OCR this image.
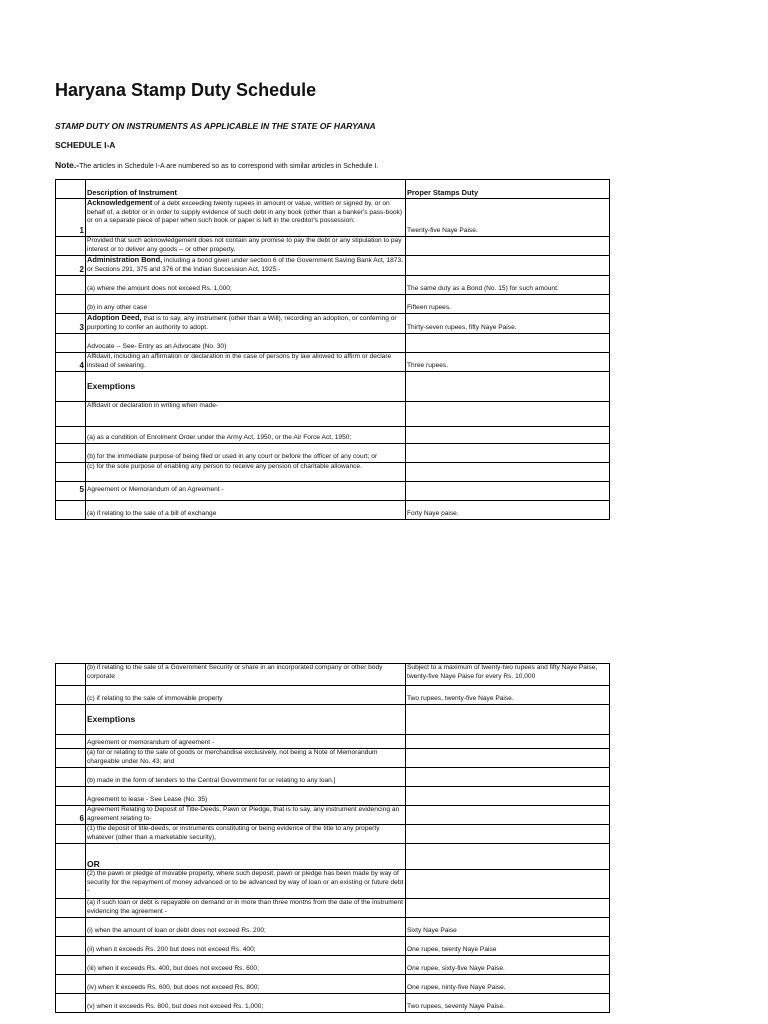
Haryana Stamp Duty Schedule
STAMP DUTY ON INSTRUMENTS AS APPLICABLE IN THE STATE OF HARYANA
SCHEDULE I-A
Note.-The articles in Schedule I-A are numbered so as to correspond with similar articles in Schedule I.
	Description of Instrument	Proper Stamps Duty
1	Acknowledgement of a debt exceeding twenty rupees in amount or value, written or signed by, or on behalf of, a debtor or in order to supply evidence of such debt in any book (other than a banker's pass-book) or on a separate piece of paper when such book or paper is left in the creditor's possession:	Twenty-five Naye Paise.
	Provided that such acknowledgement does not contain any promise to pay the debt or any stipulation to pay interest or to deliver any goods -- or other property.	
2	Administration Bond, including a bond given under section 6 of the Government Saving Bank Act, 1873, or Sections 291, 375 and 376 of the Indian Succession Act, 1925:-	
	(a) where the amount does not exceed Rs. 1,000;	The same duty as a Bond (No. 15) for such amount.
	(b) in any other case	Fifteen rupees.
3	Adoption Deed, that is to say, any instrument (other than a Will), recording an adoption, or conferring or purporting to confer an authority to adopt.	Thirty-seven rupees, fifty Naye Paise.
	Advocate -- See- Entry as an Advocate (No. 30)	
4	Affidavit, including an affirmation or declaration in the case of persons by law allowed to affirm or declare instead of swearing.	Three rupees.
	Exemptions	
	Affidavit or declaration in writing when made-	
	(a) as a condition of Enrolment Order under the Army Act, 1950, or the Air Force Act, 1950;	
	(b) for the immediate purpose of being filed or used in any court or before the officer of any court; or	
	(c) for the sole purpose of enabling any person to receive any pension of charitable allowance.	
5	Agreement or Memorandum of an Agreement -	
	(a) if relating to the sale of a bill of exchange	Forty Naye paise.
	(b) if relating to the sale of a Government Security or share in an incorporated company or other body corporate	Subject to a maximum of twenty-two rupees and fifty Naye Paise, twenty-five Naye Paise for every Rs. 10,000
	(c) if relating to the sale of immovable property	Two rupees, twenty-five Naye Paise.
	Exemptions	
	Agreement or memorandum of agreement -	
	(a) for or relating to the sale of goods or merchandise exclusively, not being a Note of Memorandum chargeable under No. 43; and	
	(b) made in the form of tenders to the Central Government for or relating to any loan.]	
	Agreement to lease - See Lease (No. 35)	
6	Agreement Relating to Deposit of Title-Deeds, Pawn or Pledge, that is to say, any instrument evidencing an agreement relating to-	
	(1) the deposit of title-deeds, or instruments constituting or being evidence of the title to any property whatever (other than a marketable security),	
	OR	
	(2) the pawn or pledge of movable property, where such deposit, pawn or pledge has been made by way of security for the repayment of money advanced or to be advanced by way of loan or an existing or future debt -	
	(a) if such loan or debt is repayable on demand or in more than three months from the date of the instrument evidencing the agreement -	
	(i) when the amount of loan or debt does not exceed Rs. 200;	Sixty Naye Paise
	(ii) when it exceeds Rs. 200 but does not exceed Rs. 400;	One rupee, twenty Naye Paise
	(iii) when it exceeds Rs. 400, but does not exceed Rs. 600;	One rupee, sixty-five Naye Paise.
	(iv) when it exceeds Rs. 600, but does not exceed Rs. 800;	One rupee, ninty-five Naye Paise.
	(v) when it exceeds Rs. 800, but does not exceed Rs. 1,000;	Two rupees, seventy Naye Paise.
